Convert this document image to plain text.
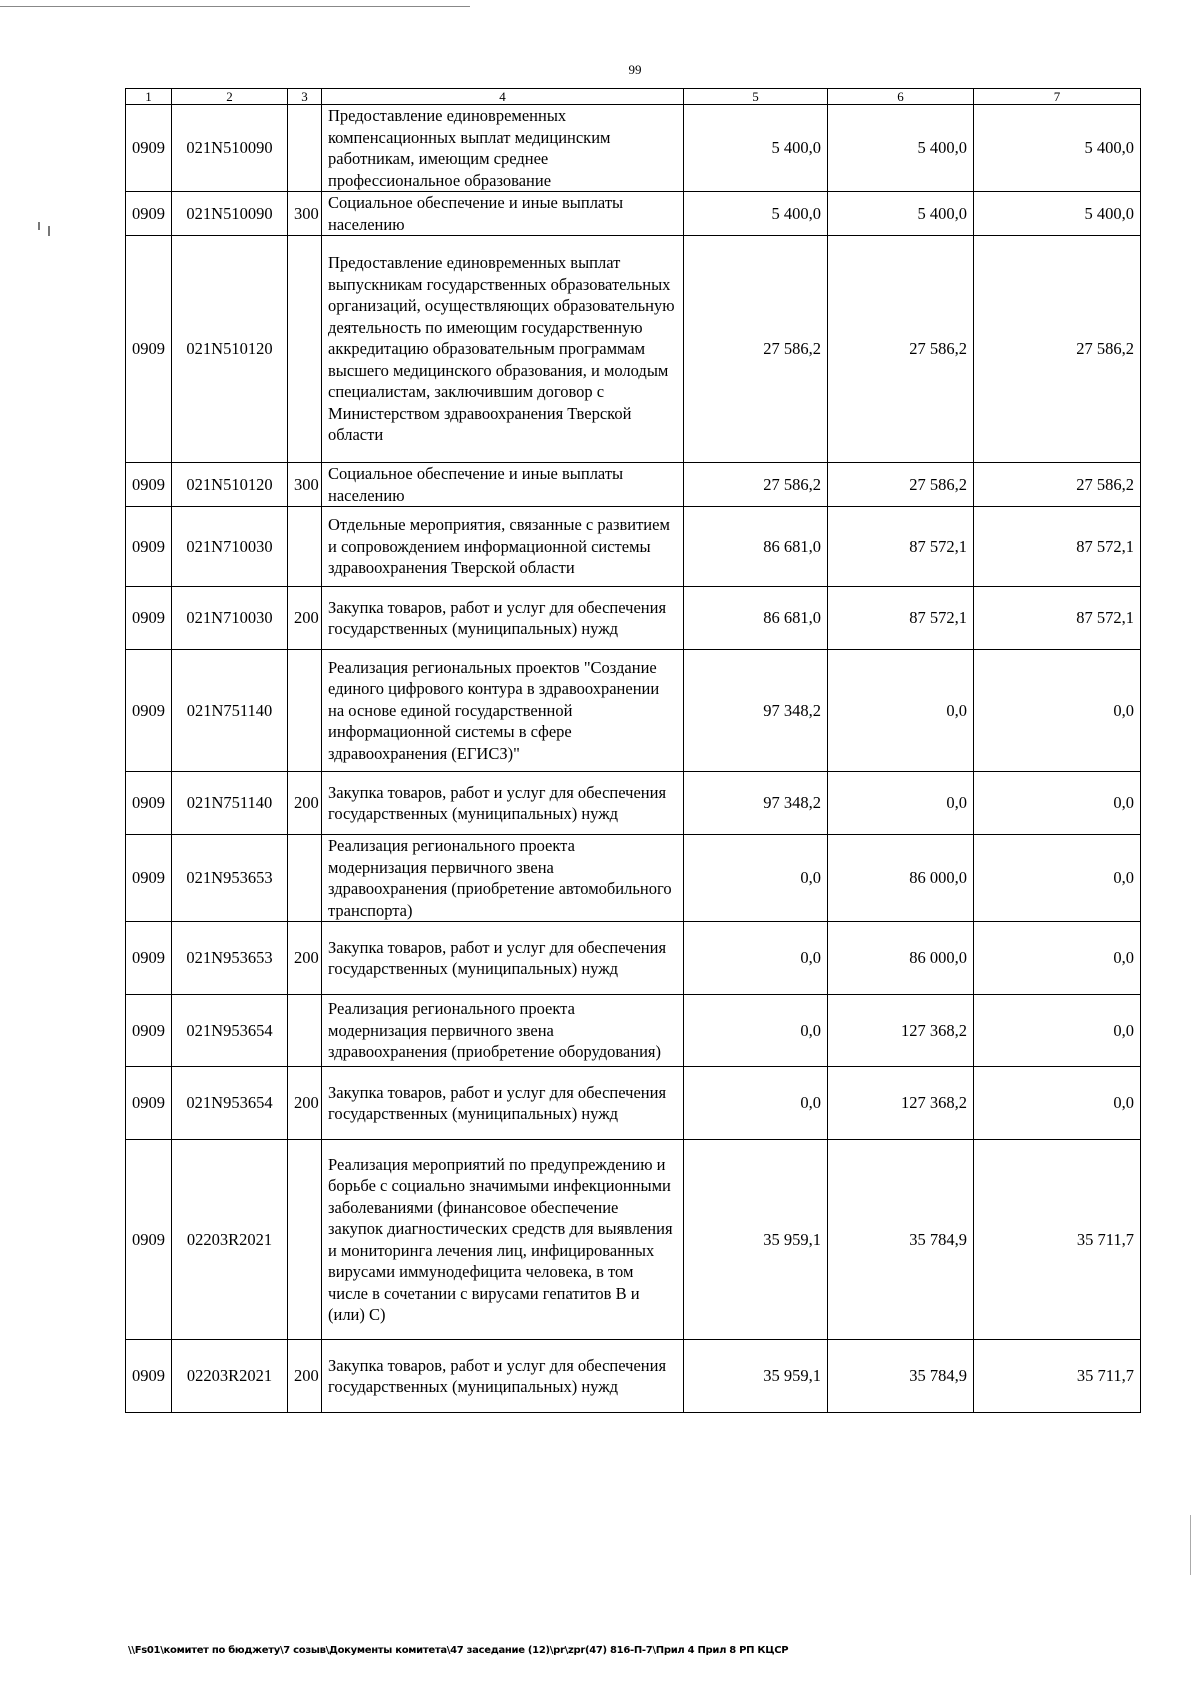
99
1	2	3	4	5	6	7
0909	021N510090		Предоставление единовременных компенсационных выплат медицинским работникам, имеющим среднее профессиональное образование	5 400,0	5 400,0	5 400,0
0909	021N510090	300	Социальное обеспечение и иные выплаты населению	5 400,0	5 400,0	5 400,0
0909	021N510120		Предоставление единовременных выплат выпускникам государственных образовательных организаций, осуществляющих образовательную деятельность по имеющим государственную аккредитацию образовательным программам высшего медицинского образования, и молодым специалистам, заключившим договор с Министерством здравоохранения Тверской области	27 586,2	27 586,2	27 586,2
0909	021N510120	300	Социальное обеспечение и иные выплаты населению	27 586,2	27 586,2	27 586,2
0909	021N710030		Отдельные мероприятия, связанные с развитием и сопровождением информационной системы здравоохранения Тверской области	86 681,0	87 572,1	87 572,1
0909	021N710030	200	Закупка товаров, работ и услуг для обеспечения государственных (муниципальных) нужд	86 681,0	87 572,1	87 572,1
0909	021N751140		Реализация региональных проектов "Создание единого цифрового контура в здравоохранении на основе единой государственной информационной системы в сфере здравоохранения (ЕГИСЗ)"	97 348,2	0,0	0,0
0909	021N751140	200	Закупка товаров, работ и услуг для обеспечения государственных (муниципальных) нужд	97 348,2	0,0	0,0
0909	021N953653		Реализация регионального проекта модернизация первичного звена здравоохранения (приобретение автомобильного транспорта)	0,0	86 000,0	0,0
0909	021N953653	200	Закупка товаров, работ и услуг для обеспечения государственных (муниципальных) нужд	0,0	86 000,0	0,0
0909	021N953654		Реализация регионального проекта модернизация первичного звена здравоохранения (приобретение оборудования)	0,0	127 368,2	0,0
0909	021N953654	200	Закупка товаров, работ и услуг для обеспечения государственных (муниципальных) нужд	0,0	127 368,2	0,0
0909	02203R2021		Реализация мероприятий по предупреждению и борьбе с социально значимыми инфекционными заболеваниями (финансовое обеспечение закупок диагностических средств для выявления и мониторинга лечения лиц, инфицированных вирусами иммунодефицита человека, в том числе в сочетании с вирусами гепатитов B и (или) C)	35 959,1	35 784,9	35 711,7
0909	02203R2021	200	Закупка товаров, работ и услуг для обеспечения государственных (муниципальных) нужд	35 959,1	35 784,9	35 711,7
\\Fs01\комитет по бюджету\7 созыв\Документы комитета\47 заседание (12)\pr\zpr(47) 816-П-7\Прил 4 Прил 8 РП КЦСР
